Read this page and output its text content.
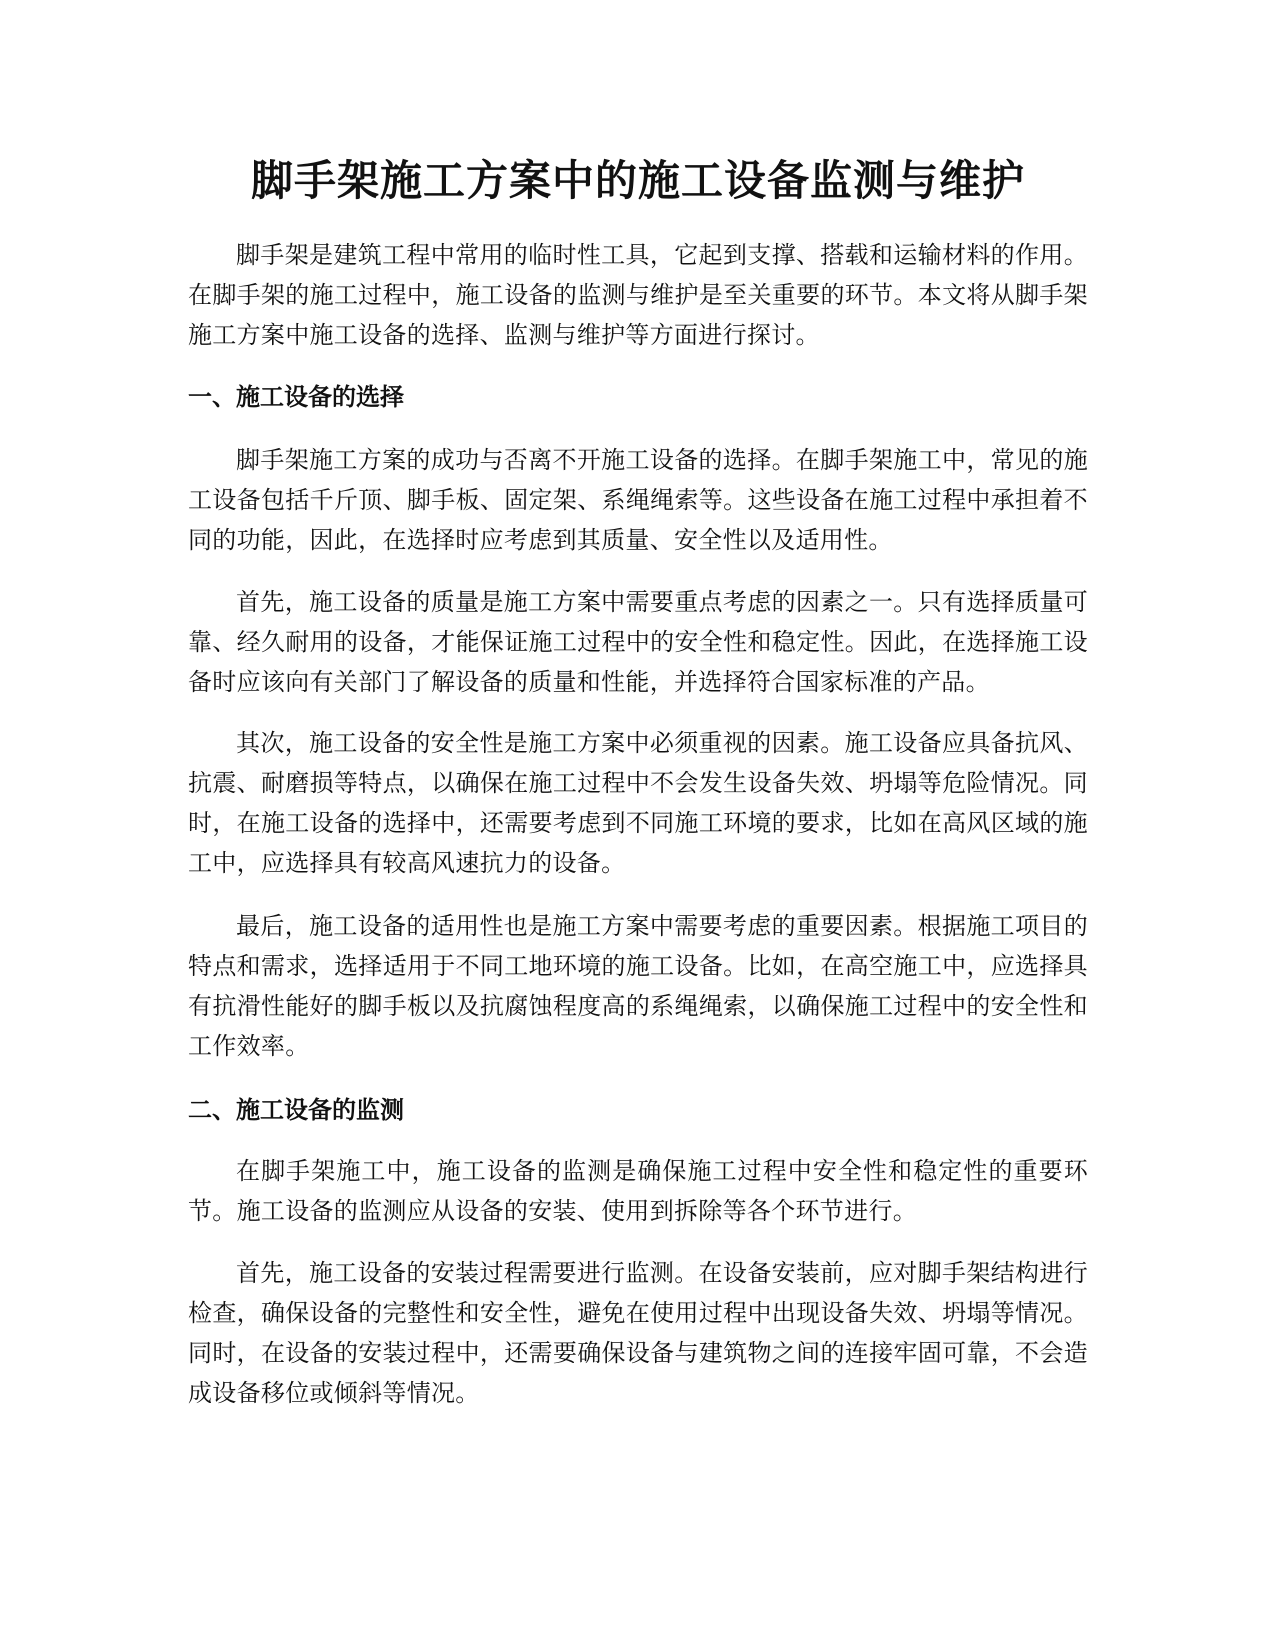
脚手架施工方案中的施工设备监测与维护

脚手架是建筑工程中常用的临时性工具，它起到支撑、搭载和运输材料的作用。在脚手架的施工过程中，施工设备的监测与维护是至关重要的环节。本文将从脚手架施工方案中施工设备的选择、监测与维护等方面进行探讨。

一、施工设备的选择

脚手架施工方案的成功与否离不开施工设备的选择。在脚手架施工中，常见的施工设备包括千斤顶、脚手板、固定架、系绳绳索等。这些设备在施工过程中承担着不同的功能，因此，在选择时应考虑到其质量、安全性以及适用性。

首先，施工设备的质量是施工方案中需要重点考虑的因素之一。只有选择质量可靠、经久耐用的设备，才能保证施工过程中的安全性和稳定性。因此，在选择施工设备时应该向有关部门了解设备的质量和性能，并选择符合国家标准的产品。

其次，施工设备的安全性是施工方案中必须重视的因素。施工设备应具备抗风、抗震、耐磨损等特点，以确保在施工过程中不会发生设备失效、坍塌等危险情况。同时，在施工设备的选择中，还需要考虑到不同施工环境的要求，比如在高风区域的施工中，应选择具有较高风速抗力的设备。

最后，施工设备的适用性也是施工方案中需要考虑的重要因素。根据施工项目的特点和需求，选择适用于不同工地环境的施工设备。比如，在高空施工中，应选择具有抗滑性能好的脚手板以及抗腐蚀程度高的系绳绳索，以确保施工过程中的安全性和工作效率。

二、施工设备的监测

在脚手架施工中，施工设备的监测是确保施工过程中安全性和稳定性的重要环节。施工设备的监测应从设备的安装、使用到拆除等各个环节进行。

首先，施工设备的安装过程需要进行监测。在设备安装前，应对脚手架结构进行检查，确保设备的完整性和安全性，避免在使用过程中出现设备失效、坍塌等情况。同时，在设备的安装过程中，还需要确保设备与建筑物之间的连接牢固可靠，不会造成设备移位或倾斜等情况。
